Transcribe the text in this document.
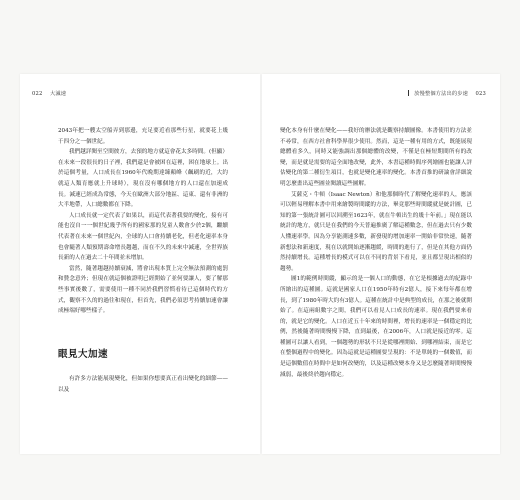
022 大滅速

2043年把一艘太空船弄到那邊，充足要近看那些行星，就要花上幾千四分之一個世紀。

我們越詳閱至空間彼方，去預的地方就這會花太多時間。(但顯）在未來一段很長的日子裡，我們還是會被困在這裡，困在地球上。出於這個考量，人口成長在1960年代晚期達臻顛峰（飆刷的近，大約就這人類育應就上升球時），現在沒有哪個地方的人口還在加速成長。減速已經成為常態，今天在歐洲大部分地區、這東、還有非洲的大半地帶，人口總數都在下降。

人口成長就一定代表了如果以，而這代表著我要的變化，接有可能也沒自一一個世紀幾乎所有的國家那的兒童人數會少於2個，繼續代表著在未來一個世紀內，全球的人口會持續老化，但老化速率本身也會隨著人類預期壽命增長趨越，而在不久的未來中減速，全世界族長新的人在過去二十年間並未增加。

當然，隨著趨越持續衰減，將會出現本質上完全無法預測的處罰和贊念意外；但現在就這個被證明已經開始了並何要讓人，要了解那些事實後數了，需要使用一種不同於我們習慣看待已這個時代的方式，觀察不久的的過往和現在，但首先，我們必須思考持續加速會讓成極端好哪些樣子。

眼見大加速

有許多方法能展現變化，但如果你想要真正看出變化的細節——以及

放慢整個方法出的步速 023

變化本身有什麼在變化——我好的辦法就是觀察持續圖像。本書使用的方法並不尋常，在西方社會科學界很少使用。然而，這是一種有用的方式，既能展現總體看多久，同時又能強調出那個總體的改變，不僅是在極短期間所有的改變，而是就是需要的這全面地改變，此外，本書這種時間序列繪圖也能讓人評估變化的第二種衍生項目，也就是變化速率的變化。本書首推的研論會詳細說明怎麼畫出這些圖並閱讀這些圖解。

艾薩克・牛頓（Isaac Newton）和他那個時代了解變化速率的人，應該可以輕易理解本書中用來繪製時間縱的方法，畢竟那些時間縱就是統計圖，已知的第一張統計圖可以回溯至1623年，就在牛頓出生的幾十年前。」現在能以統計的地方，就只是在我們的今天普遍推廣了解這種數念，但在過去只有少數人懂速率學。因為分享能測速多數，新發現的增加速率一開始非常快速，隨著新想法和新速度，現在以就開始逐漸趨緩，時間的進行了，但是在其他方面仍然持續增長。這種增長的模式可以在不同的背景下看見，並且都呈現出相似的趨勢。

圖1的範例時間縱，顯示的是一個人口的動態，在它是根據過去的紀錄中所繪出的這種圖。這就是國家人口在1950年時有2億人，接下來每年都在增長，到了1980年時大約有3億人。這種在統計中是典型的成長，在那之後就開始了。在這兩組數字之間，我們可以看見人口成長的速率。現在我們要來看的，就是它的變化。人口在近五十年來的時間裡，增長的速率是一個穩定的比例，然後隨著時間慢慢下降，直到最後，在2006年，人口就是接近的零。這種圖可以讓人看到，一個趨勢的形狀不只是從哪裡開始、到哪裡結束，而是它在整個過程中的變化。因為這就是這種圖要呈現的：不是單純的一個數值，而是這個數值在時間中是如何改變的，以及這種改變本身又是怎麼隨著時間慢慢減弱，最後終於趨向穩定。
